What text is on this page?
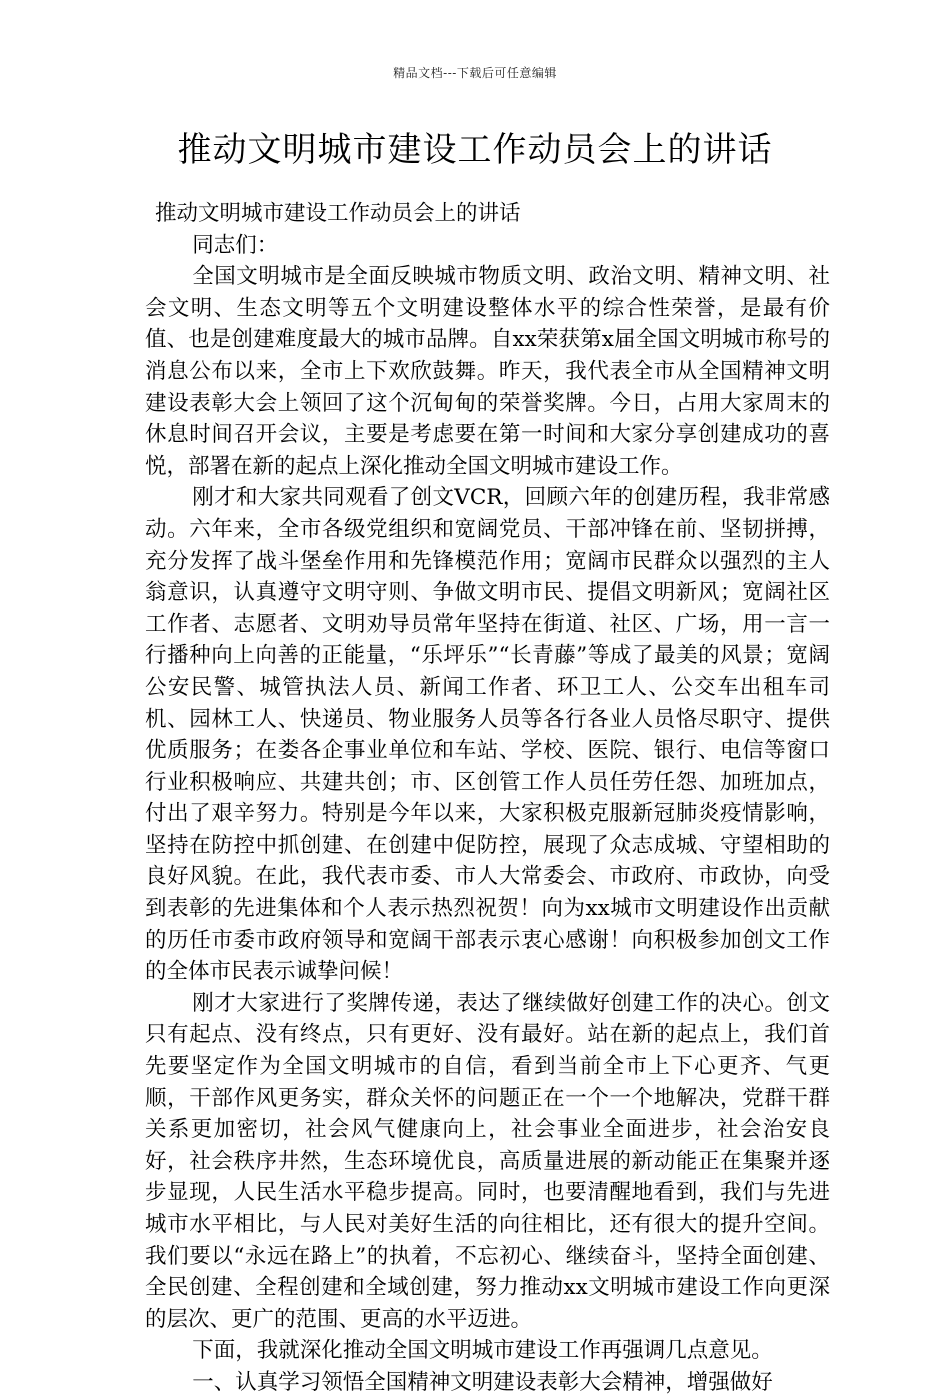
精品文档---下载后可任意编辑
推动文明城市建设工作动员会上的讲话

推动文明城市建设工作动员会上的讲话

同志们：

全国文明城市是全面反映城市物质文明、政治文明、精神文明、社会文明、生态文明等五个文明建设整体水平的综合性荣誉，是最有价值、也是创建难度最大的城市品牌。自xx荣获第x届全国文明城市称号的消息公布以来，全市上下欢欣鼓舞。昨天，我代表全市从全国精神文明建设表彰大会上领回了这个沉甸甸的荣誉奖牌。今日，占用大家周末的休息时间召开会议，主要是考虑要在第一时间和大家分享创建成功的喜悦，部署在新的起点上深化推动全国文明城市建设工作。

刚才和大家共同观看了创文VCR，回顾六年的创建历程，我非常感动。六年来，全市各级党组织和宽阔党员、干部冲锋在前、坚韧拼搏，充分发挥了战斗堡垒作用和先锋模范作用；宽阔市民群众以强烈的主人翁意识，认真遵守文明守则、争做文明市民、提倡文明新风；宽阔社区工作者、志愿者、文明劝导员常年坚持在街道、社区、广场，用一言一行播种向上向善的正能量，“乐坪乐”“长青藤”等成了最美的风景；宽阔公安民警、城管执法人员、新闻工作者、环卫工人、公交车出租车司机、园林工人、快递员、物业服务人员等各行各业人员恪尽职守、提供优质服务；在娄各企事业单位和车站、学校、医院、银行、电信等窗口行业积极响应、共建共创；市、区创管工作人员任劳任怨、加班加点，付出了艰辛努力。特别是今年以来，大家积极克服新冠肺炎疫情影响，坚持在防控中抓创建、在创建中促防控，展现了众志成城、守望相助的良好风貌。在此，我代表市委、市人大常委会、市政府、市政协，向受到表彰的先进集体和个人表示热烈祝贺！向为xx城市文明建设作出贡献的历任市委市政府领导和宽阔干部表示衷心感谢！向积极参加创文工作的全体市民表示诚挚问候！

刚才大家进行了奖牌传递，表达了继续做好创建工作的决心。创文只有起点、没有终点，只有更好、没有最好。站在新的起点上，我们首先要坚定作为全国文明城市的自信，看到当前全市上下心更齐、气更顺，干部作风更务实，群众关怀的问题正在一个一个地解决，党群干群关系更加密切，社会风气健康向上，社会事业全面进步，社会治安良好，社会秩序井然，生态环境优良，高质量进展的新动能正在集聚并逐步显现，人民生活水平稳步提高。同时，也要清醒地看到，我们与先进城市水平相比，与人民对美好生活的向往相比，还有很大的提升空间。我们要以“永远在路上”的执着，不忘初心、继续奋斗，坚持全面创建、全民创建、全程创建和全域创建，努力推动xx文明城市建设工作向更深的层次、更广的范围、更高的水平迈进。

下面，我就深化推动全国文明城市建设工作再强调几点意见。

一、认真学习领悟全国精神文明建设表彰大会精神，增强做好
